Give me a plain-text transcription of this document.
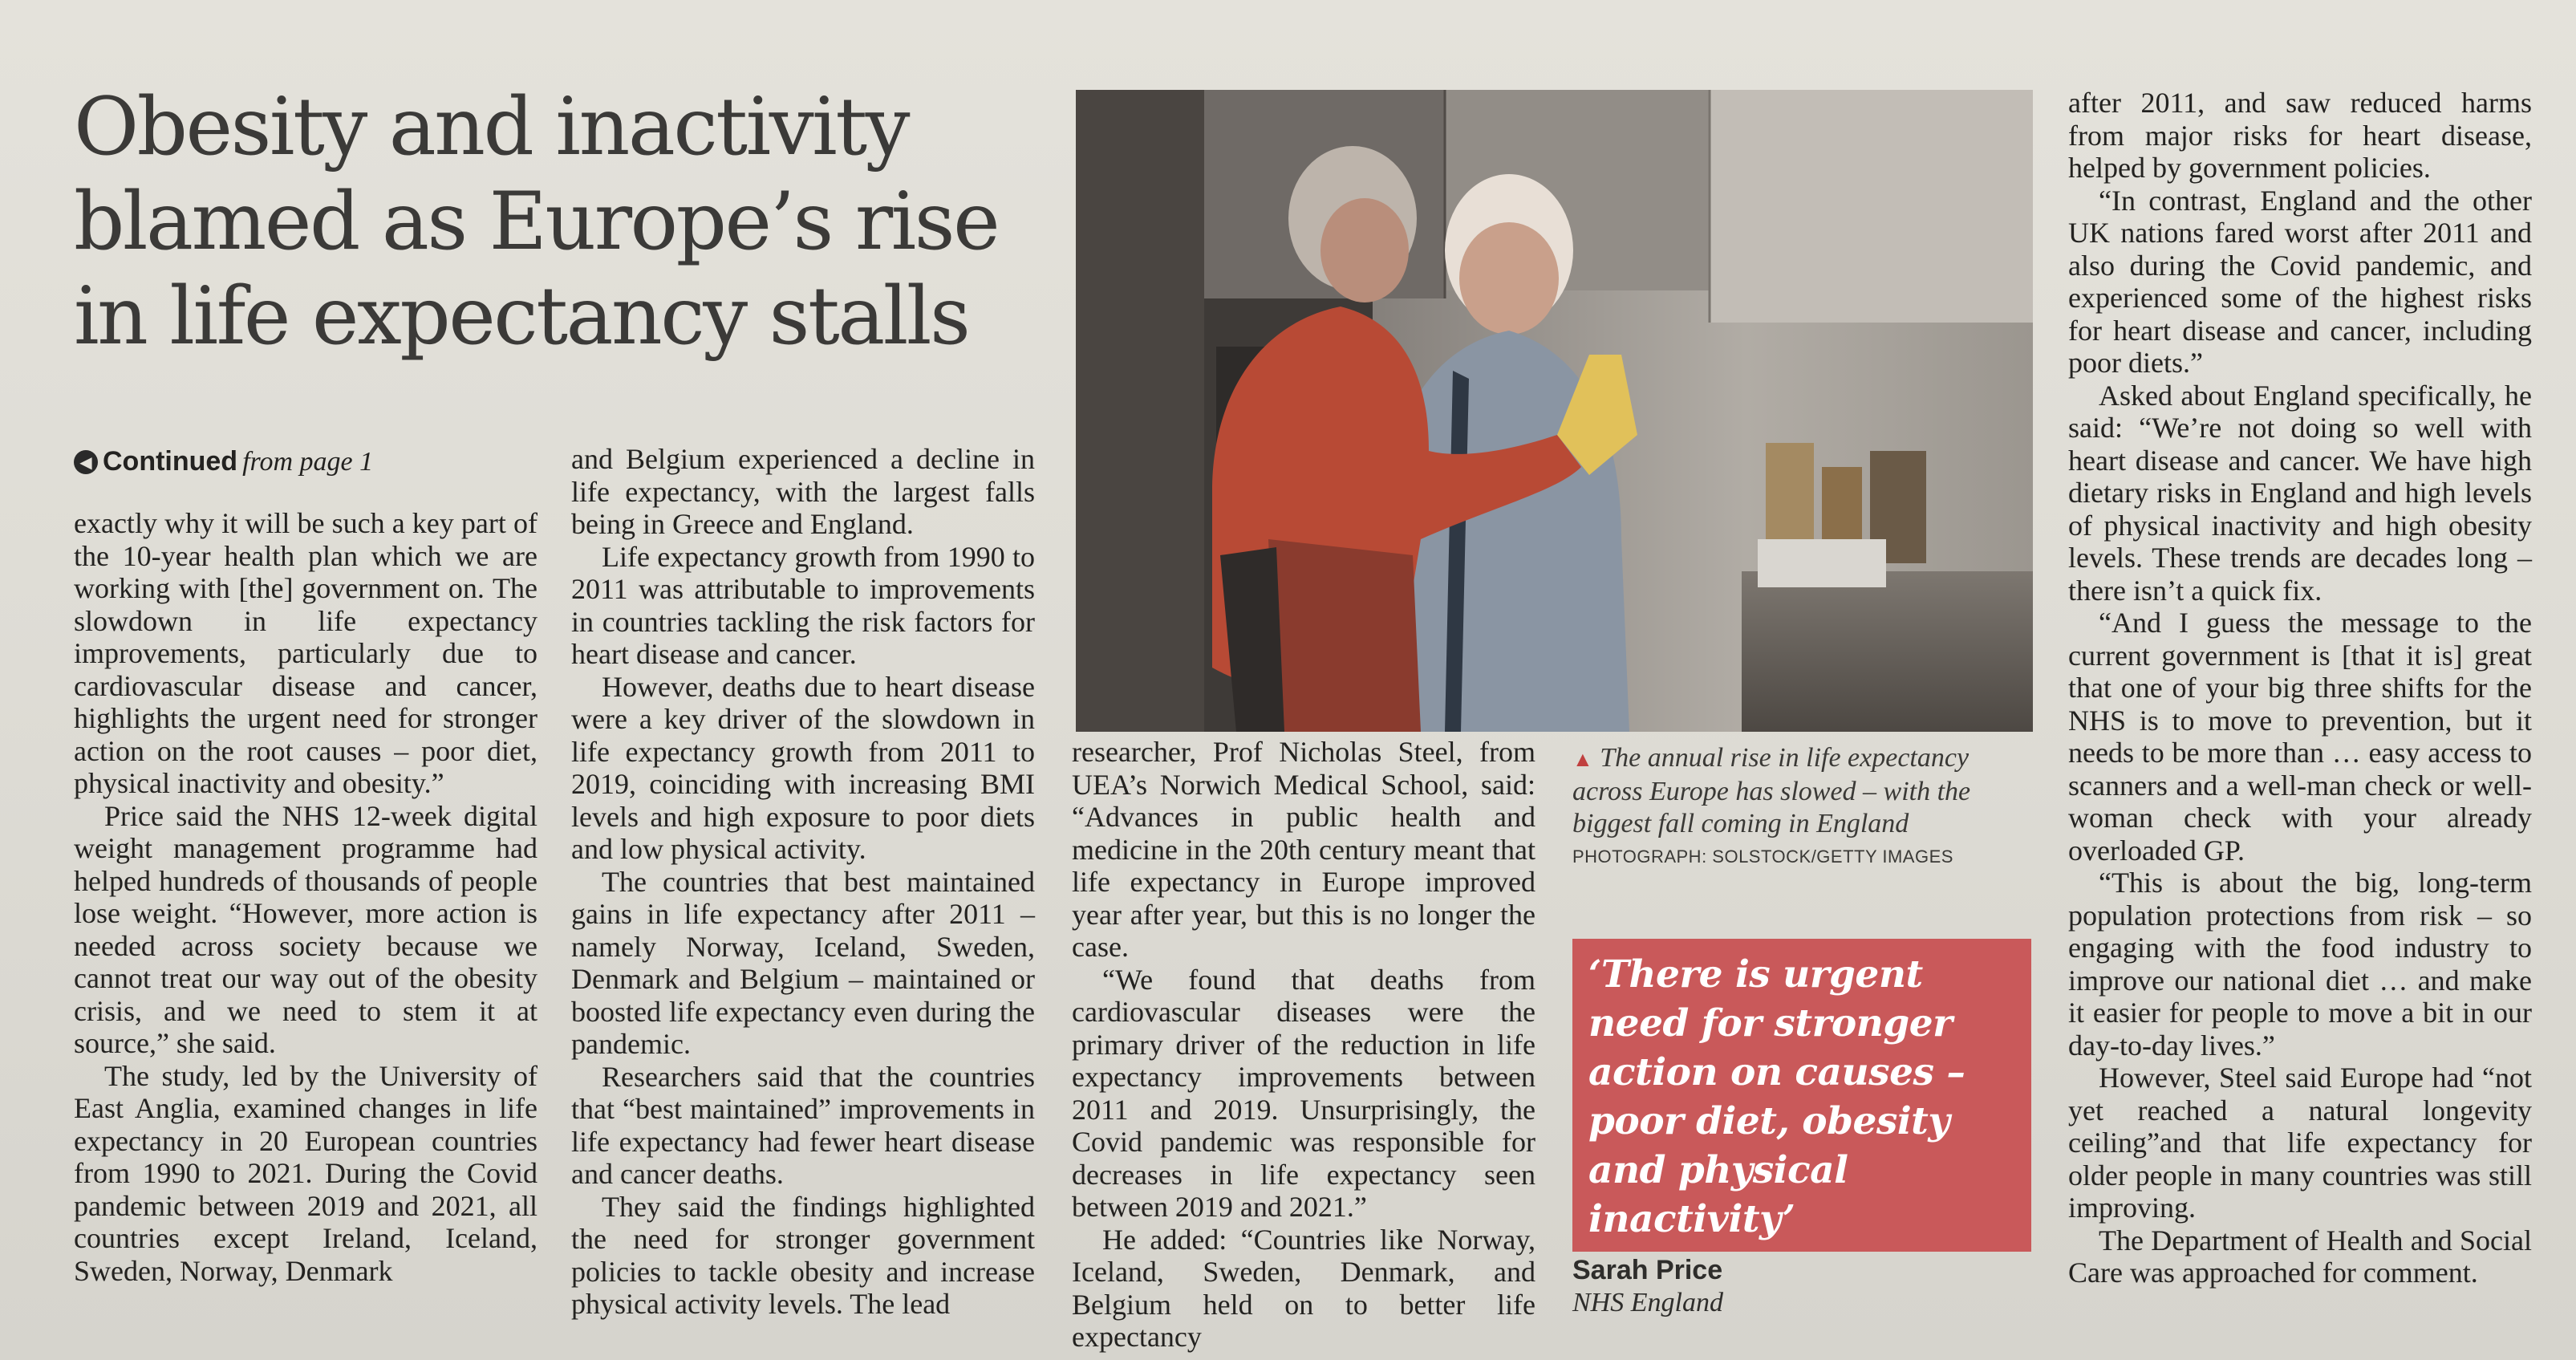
Obesity and inactivity
blamed as Europe’s rise
in life expectancy stalls
◀ Continued from page 1

exactly why it will be such a key part of the 10-year health plan which we are working with [the] government on. The slowdown in life expectancy improvements, particularly due to cardiovascular disease and cancer, highlights the urgent need for stronger action on the root causes – poor diet, physical inactivity and obesity.”

Price said the NHS 12-week digital weight management programme had helped hundreds of thousands of people lose weight. “However, more action is needed across society because we cannot treat our way out of the obesity crisis, and we need to stem it at source,” she said.

The study, led by the University of East Anglia, examined changes in life expectancy in 20 European countries from 1990 to 2021. During the Covid pandemic between 2019 and 2021, all countries except Ireland, Iceland, Sweden, Norway, Denmark

and Belgium experienced a decline in life expectancy, with the largest falls being in Greece and England.

Life expectancy growth from 1990 to 2011 was attributable to improvements in countries tackling the risk factors for heart disease and cancer.

However, deaths due to heart disease were a key driver of the slowdown in life expectancy growth from 2011 to 2019, coinciding with increasing BMI levels and high exposure to poor diets and low physical activity.

The countries that best maintained gains in life expectancy after 2011 – namely Norway, Iceland, Sweden, Denmark and Belgium – maintained or boosted life expectancy even during the pandemic.

Researchers said that the countries that “best maintained” improvements in life expectancy had fewer heart disease and cancer deaths.

They said the findings highlighted the need for stronger government policies to tackle obesity and increase physical activity levels. The lead

researcher, Prof Nicholas Steel, from UEA’s Norwich Medical School, said: “Advances in public health and medicine in the 20th century meant that life expectancy in Europe improved year after year, but this is no longer the case.

“We found that deaths from cardiovascular diseases were the primary driver of the reduction in life expectancy improvements between 2011 and 2019. Unsurprisingly, the Covid pandemic was responsible for decreases in life expectancy seen between 2019 and 2021.”

He added: “Countries like Norway, Iceland, Sweden, Denmark, and Belgium held on to better life expectancy

after 2011, and saw reduced harms from major risks for heart disease, helped by government policies.

“In contrast, England and the other UK nations fared worst after 2011 and also during the Covid pandemic, and experienced some of the highest risks for heart disease and cancer, including poor diets.”

Asked about England specifically, he said: “We’re not doing so well with heart disease and cancer. We have high dietary risks in England and high levels of physical inactivity and high obesity levels. These trends are decades long – there isn’t a quick fix.

“And I guess the message to the current government is [that it is] great that one of your big three shifts for the NHS is to move to prevention, but it needs to be more than … easy access to scanners and a well-man check or well-woman check with your already overloaded GP.

“This is about the big, long-term population protections from risk – so engaging with the food industry to improve our national diet … and make it easier for people to move a bit in our day-to-day lives.”

However, Steel said Europe had “not yet reached a natural longevity ceiling”and that life expectancy for older people in many countries was still improving.

The Department of Health and Social Care was approached for comment.

▲ The annual rise in life expectancy across Europe has slowed – with the biggest fall coming in England
PHOTOGRAPH: SOLSTOCK/GETTY IMAGES
‘There is urgent need for stronger action on causes – poor diet, obesity and physical inactivity’
Sarah Price
NHS England
